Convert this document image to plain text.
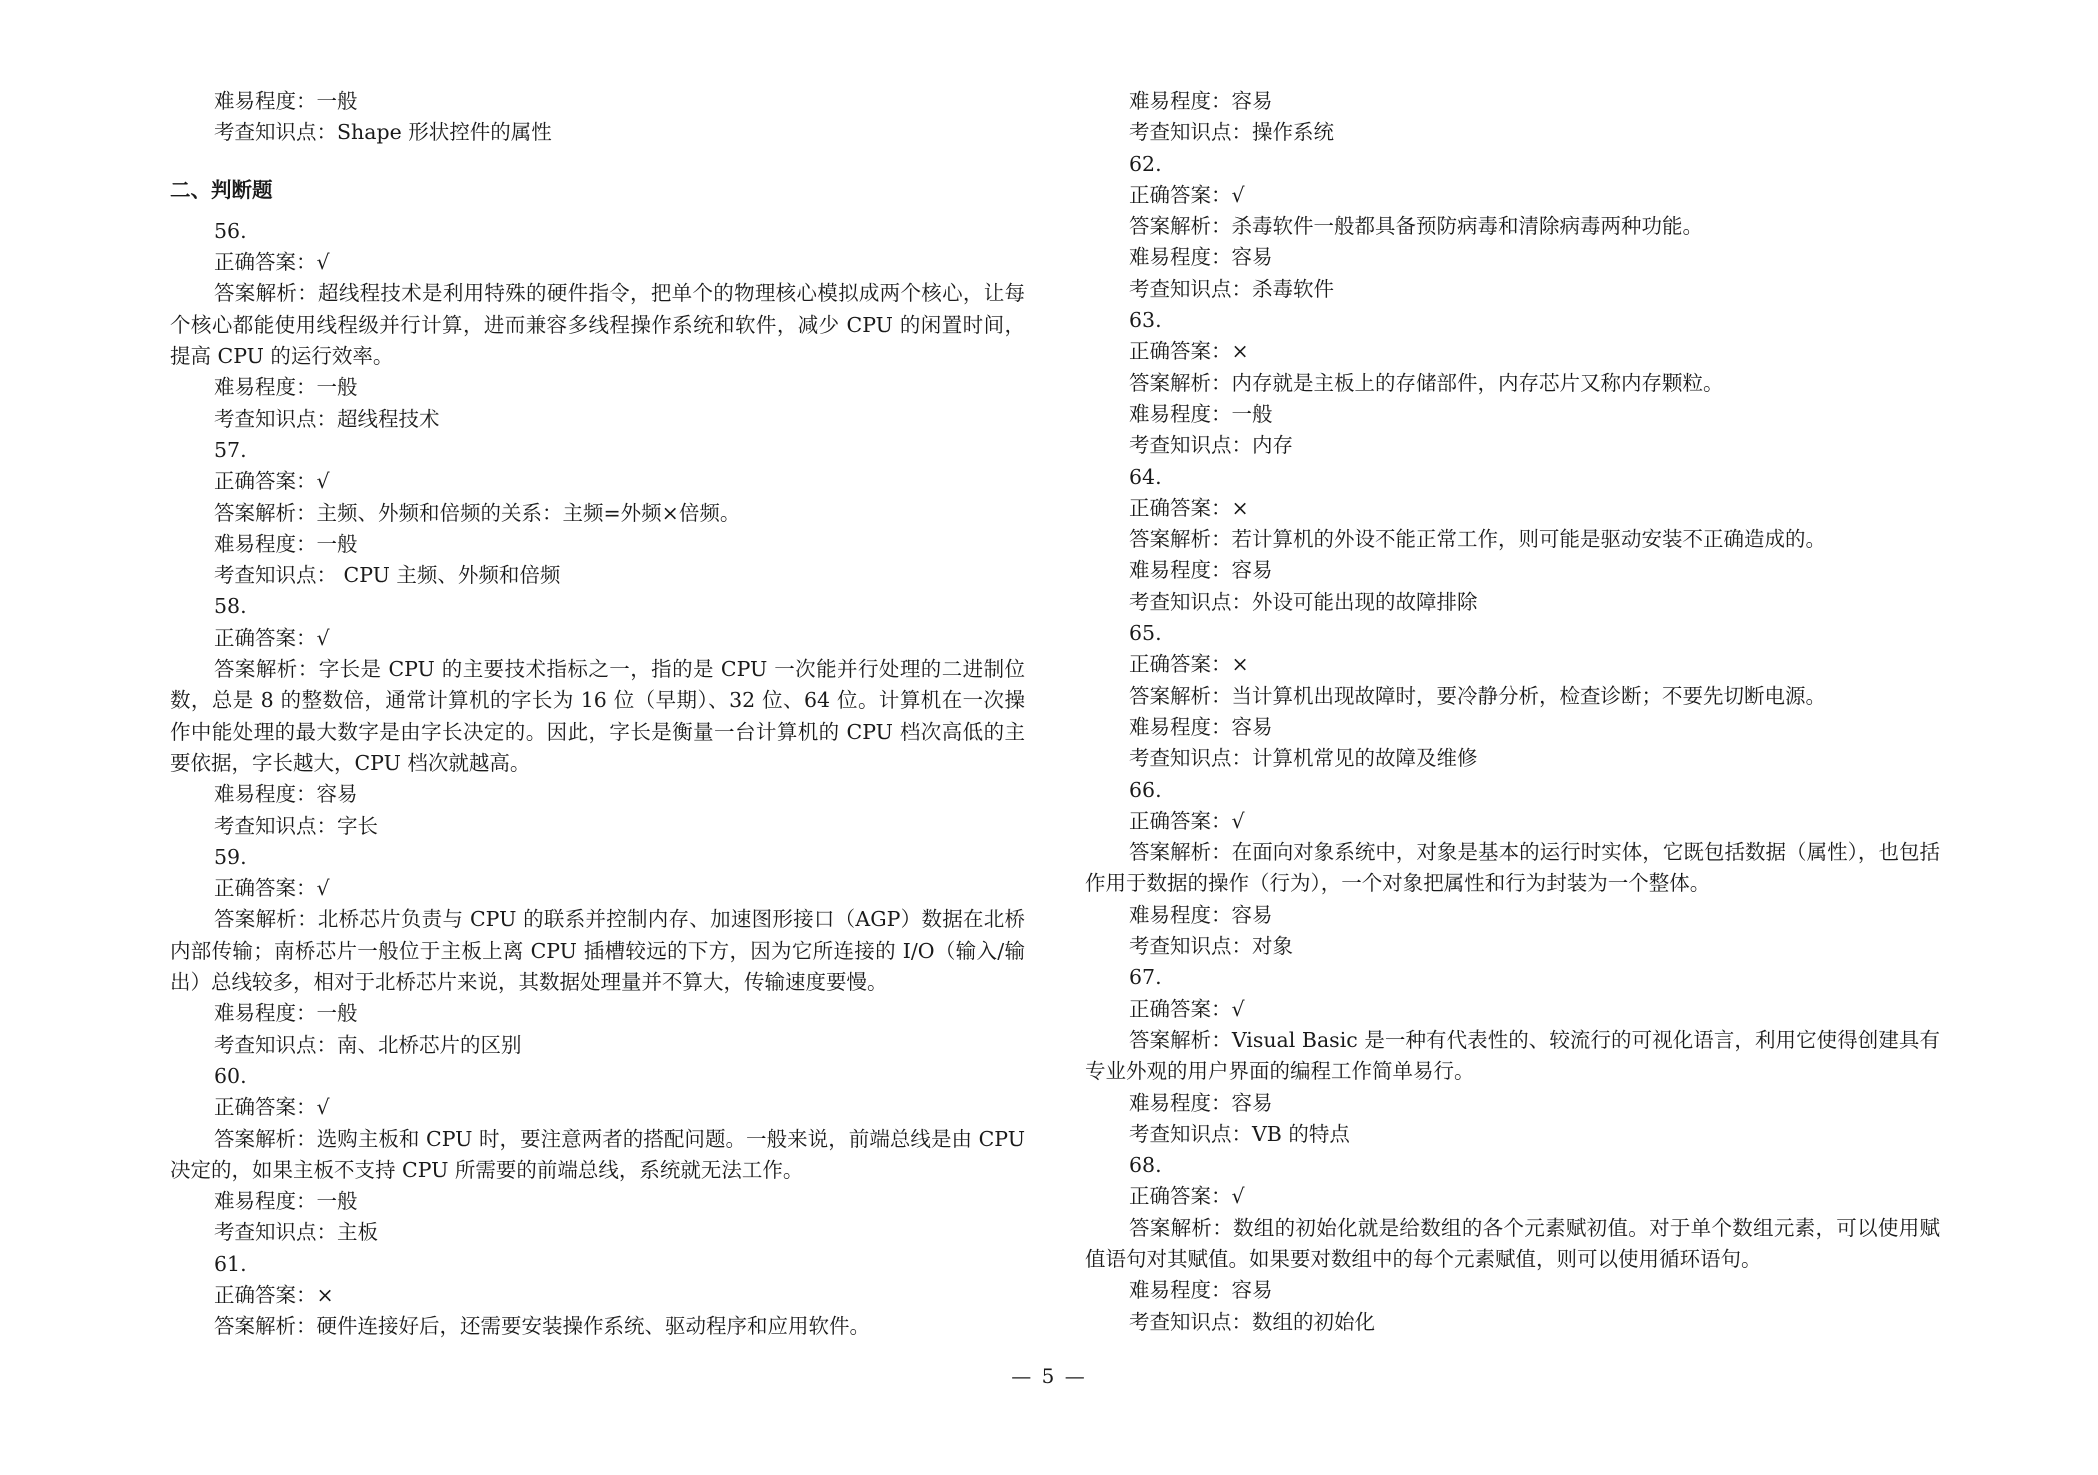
难易程度：一般
考查知识点：Shape 形状控件的属性
二、判断题
56.
正确答案：√
答案解析：超线程技术是利用特殊的硬件指令，把单个的物理核心模拟成两个核心，让每个核心都能使用线程级并行计算，进而兼容多线程操作系统和软件，减少 CPU 的闲置时间，提高 CPU 的运行效率。
难易程度：一般
考查知识点：超线程技术
57.
正确答案：√
答案解析：主频、外频和倍频的关系：主频=外频×倍频。
难易程度：一般
考查知识点： CPU 主频、外频和倍频
58.
正确答案：√
答案解析：字长是 CPU 的主要技术指标之一，指的是 CPU 一次能并行处理的二进制位数，总是 8 的整数倍，通常计算机的字长为 16 位（早期）、32 位、64 位。计算机在一次操作中能处理的最大数字是由字长决定的。因此，字长是衡量一台计算机的 CPU 档次高低的主要依据，字长越大，CPU 档次就越高。
难易程度：容易
考查知识点：字长
59.
正确答案：√
答案解析：北桥芯片负责与 CPU 的联系并控制内存、加速图形接口（AGP）数据在北桥内部传输；南桥芯片一般位于主板上离 CPU 插槽较远的下方，因为它所连接的 I/O（输入/输出）总线较多，相对于北桥芯片来说，其数据处理量并不算大，传输速度要慢。
难易程度：一般
考查知识点：南、北桥芯片的区别
60.
正确答案：√
答案解析：选购主板和 CPU 时，要注意两者的搭配问题。一般来说，前端总线是由 CPU 决定的，如果主板不支持 CPU 所需要的前端总线，系统就无法工作。
难易程度：一般
考查知识点：主板
61.
正确答案：×
答案解析：硬件连接好后，还需要安装操作系统、驱动程序和应用软件。
难易程度：容易
考查知识点：操作系统
62.
正确答案：√
答案解析：杀毒软件一般都具备预防病毒和清除病毒两种功能。
难易程度：容易
考查知识点：杀毒软件
63.
正确答案：×
答案解析：内存就是主板上的存储部件，内存芯片又称内存颗粒。
难易程度：一般
考查知识点：内存
64.
正确答案：×
答案解析：若计算机的外设不能正常工作，则可能是驱动安装不正确造成的。
难易程度：容易
考查知识点：外设可能出现的故障排除
65.
正确答案：×
答案解析：当计算机出现故障时，要冷静分析，检查诊断；不要先切断电源。
难易程度：容易
考查知识点：计算机常见的故障及维修
66.
正确答案：√
答案解析：在面向对象系统中，对象是基本的运行时实体，它既包括数据（属性），也包括作用于数据的操作（行为），一个对象把属性和行为封装为一个整体。
难易程度：容易
考查知识点：对象
67.
正确答案：√
答案解析：Visual Basic 是一种有代表性的、较流行的可视化语言，利用它使得创建具有专业外观的用户界面的编程工作简单易行。
难易程度：容易
考查知识点：VB 的特点
68.
正确答案：√
答案解析：数组的初始化就是给数组的各个元素赋初值。对于单个数组元素，可以使用赋值语句对其赋值。如果要对数组中的每个元素赋值，则可以使用循环语句。
难易程度：容易
考查知识点：数组的初始化
— 5 —
